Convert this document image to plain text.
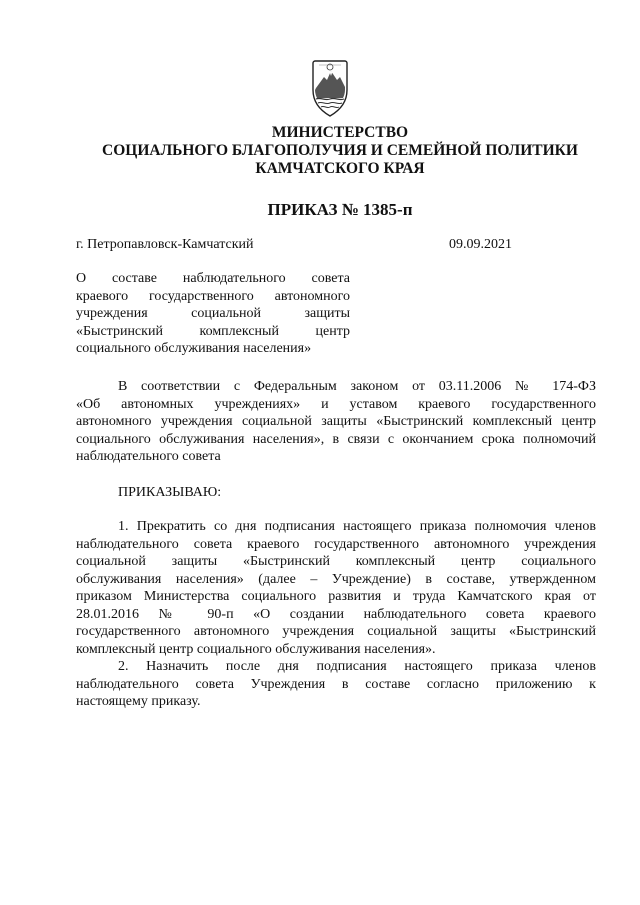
МИНИСТЕРСТВО
СОЦИАЛЬНОГО БЛАГОПОЛУЧИЯ И СЕМЕЙНОЙ ПОЛИТИКИ
КАМЧАТСКОГО КРАЯ
ПРИКАЗ № 1385-п
г. Петропавловск-Камчатский	09.09.2021
О составе наблюдательного совета
краевого государственного автономного
учреждения социальной защиты
«Быстринский комплексный центр
социального обслуживания населения»
В соответствии с Федеральным законом от 03.11.2006 № 174-ФЗ
«Об автономных учреждениях» и уставом краевого государственного
автономного учреждения социальной защиты «Быстринский комплексный центр
социального обслуживания населения», в связи с окончанием срока полномочий
наблюдательного совета
ПРИКАЗЫВАЮ:
1. Прекратить со дня подписания настоящего приказа полномочия членов
наблюдательного совета краевого государственного автономного учреждения
социальной защиты «Быстринский комплексный центр социального
обслуживания населения» (далее – Учреждение) в составе, утвержденном
приказом Министерства социального развития и труда Камчатского края от
28.01.2016 № 90-п «О создании наблюдательного совета краевого
государственного автономного учреждения социальной защиты «Быстринский
комплексный центр социального обслуживания населения».
2. Назначить после дня подписания настоящего приказа членов
наблюдательного совета Учреждения в составе согласно приложению к
настоящему приказу.
